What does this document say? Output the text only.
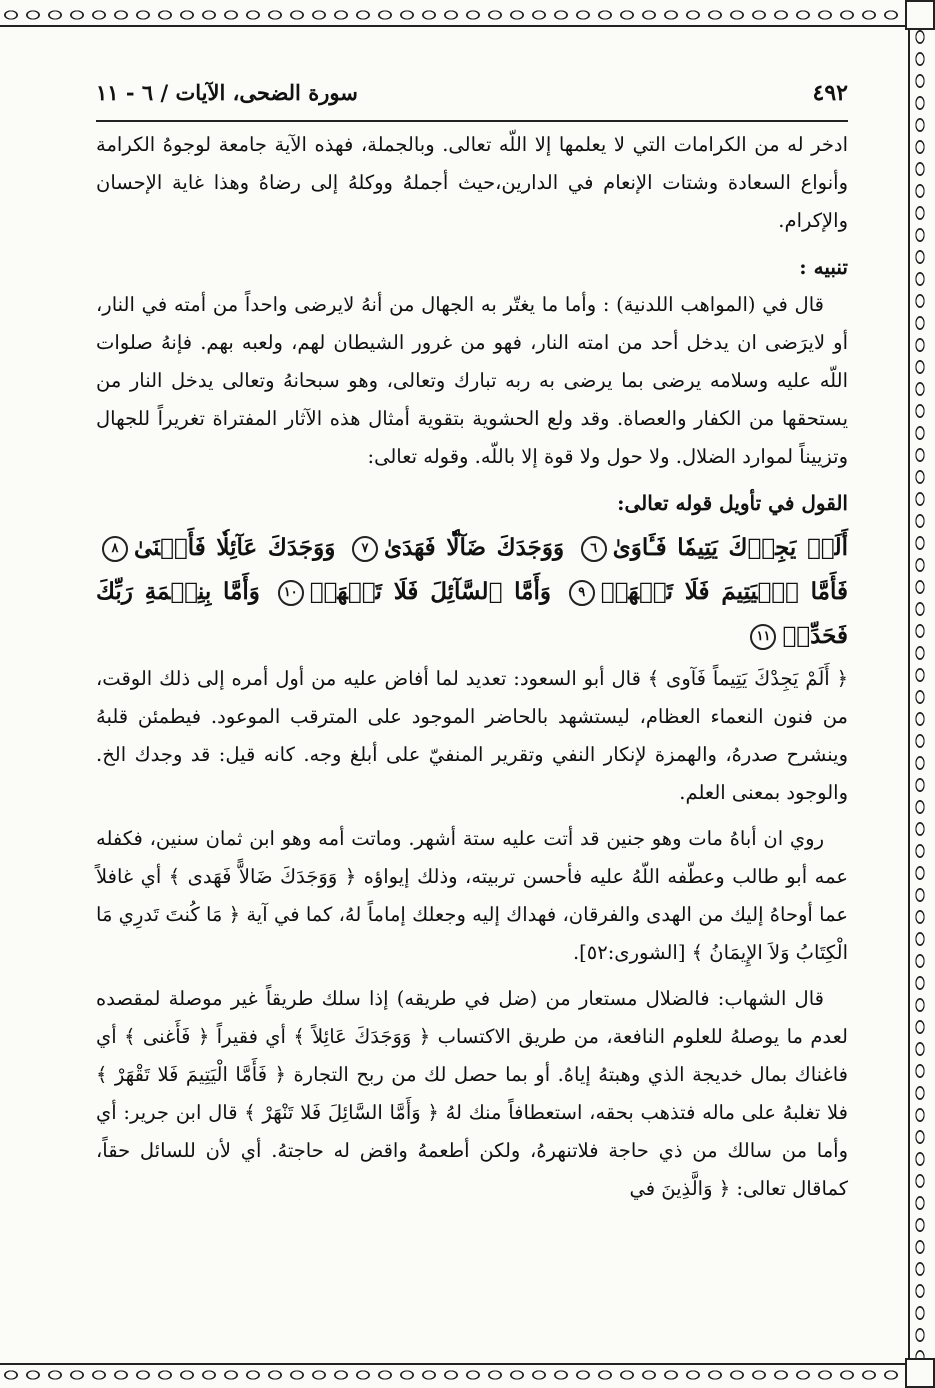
٤٩٢
سورة الضحى، الآيات / ٦ - ١١

ادخر له من الكرامات التي لا يعلمها إلا اللّه تعالى. وبالجملة، فهذه الآية جامعة لوجوهُ الكرامة وأنواع السعادة وشتات الإنعام في الدارين،حيث أجملهُ ووكلهُ إلى رضاهُ وهذا غاية الإحسان والإكرام.

تنبيه :

قال في (المواهب اللدنية) : وأما ما يغتّر به الجهال من أنهُ لايرضى واحداً من أمته في النار، أو لايرَضى ان يدخل أحد من امته النار، فهو من غرور الشيطان لهم، ولعبه بهم. فإنهُ صلوات اللّه عليه وسلامه يرضى بما يرضى به ربه تبارك وتعالى، وهو سبحانهُ وتعالى يدخل النار من يستحقها من الكفار والعصاة. وقد ولع الحشوية بتقوية أمثال هذه الآثار المفتراة تغريراً للجهال وتزييناً لموارد الضلال. ولا حول ولا قوة إلا باللّه. وقوله تعالى:

القول في تأويل قوله تعالى:

أَلَمۡ يَجِدۡكَ يَتِيمٗا فَـَٔاوَىٰ٦ وَوَجَدَكَ ضَآلّٗا فَهَدَىٰ٧ وَوَجَدَكَ عَآئِلٗا فَأَغۡنَىٰ٨ فَأَمَّا ٱلۡيَتِيمَ فَلَا تَقۡهَرۡ٩ وَأَمَّا ٱلسَّآئِلَ فَلَا تَنۡهَرۡ١٠ وَأَمَّا بِنِعۡمَةِ رَبِّكَ فَحَدِّثۡ١١

﴿ أَلَمْ يَجِدْكَ يَتِيماً فَآوى ﴾ قال أبو السعود: تعديد لما أفاض عليه من أول أمره إلى ذلك الوقت، من فنون النعماء العظام، ليستشهد بالحاضر الموجود على المترقب الموعود. فيطمئن قلبهُ وينشرح صدرهُ، والهمزة لإنكار النفي وتقرير المنفيّ على أبلغ وجه. كانه قيل: قد وجدك الخ. والوجود بمعنى العلم.

روي ان أباهُ مات وهو جنين قد أتت عليه ستة أشهر. وماتت أمه وهو ابن ثمان سنين، فكفله عمه أبو طالب وعطّفه اللّهُ عليه فأحسن تربيته، وذلك إيواؤه ﴿ وَوَجَدَكَ ضَالاًّ فَهَدى ﴾ أي غافلاً عما أوحاهُ إليك من الهدى والفرقان، فهداك إليه وجعلك إماماً لهُ، كما في آية ﴿ مَا كُنتَ تَدرِي مَا الْكِتَابُ وَلاَ الإِيمَانُ ﴾ [الشورى:٥٢].

قال الشهاب: فالضلال مستعار من (ضل في طريقه) إذا سلك طريقاً غير موصلة لمقصده لعدم ما يوصلهُ للعلوم النافعة، من طريق الاكتساب ﴿ وَوَجَدَكَ عَائِلاً ﴾ أي فقيراً ﴿ فَأَغنى ﴾ أي فاغناك بمال خديجة الذي وهبتهُ إياهُ. أو بما حصل لك من ربح التجارة ﴿ فَأَمَّا الْيَتِيمَ فَلا تَقْهَرْ ﴾ فلا تغلبهُ على ماله فتذهب بحقه، استعطافاً منك لهُ ﴿ وَأَمَّا السَّائِلَ فَلا تَنْهَرْ ﴾ قال ابن جرير: أي وأما من سالك من ذي حاجة فلاتنهرهُ، ولكن أطعمهُ واقض له حاجتهُ. أي لأن للسائل حقاً، كماقال تعالى: ﴿ وَالَّذِينَ في
